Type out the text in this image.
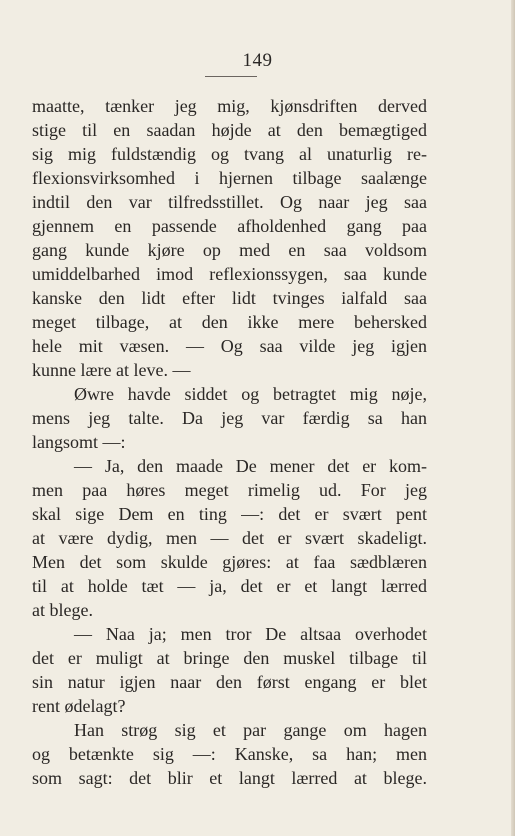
149
maatte, tænker jeg mig, kjønsdriften derved
stige til en saadan højde at den bemægtiged
sig mig fuldstændig og tvang al unaturlig re-
flexionsvirksomhed i hjernen tilbage saalænge
indtil den var tilfredsstillet. Og naar jeg saa
gjennem en passende afholdenhed gang paa
gang kunde kjøre op med en saa voldsom
umiddelbarhed imod reflexionssygen, saa kunde
kanske den lidt efter lidt tvinges ialfald saa
meget tilbage, at den ikke mere behersked
hele mit væsen. — Og saa vilde jeg igjen
kunne lære at leve. —
Øwre havde siddet og betragtet mig nøje,
mens jeg talte. Da jeg var færdig sa han
langsomt —:
— Ja, den maade De mener det er kom-
men paa høres meget rimelig ud. For jeg
skal sige Dem en ting —: det er svært pent
at være dydig, men — det er svært skadeligt.
Men det som skulde gjøres: at faa sædblæren
til at holde tæt — ja, det er et langt lærred
at blege.
— Naa ja; men tror De altsaa overhodet
det er muligt at bringe den muskel tilbage til
sin natur igjen naar den først engang er blet
rent ødelagt?
Han strøg sig et par gange om hagen
og betænkte sig —: Kanske, sa han; men
som sagt: det blir et langt lærred at blege.
